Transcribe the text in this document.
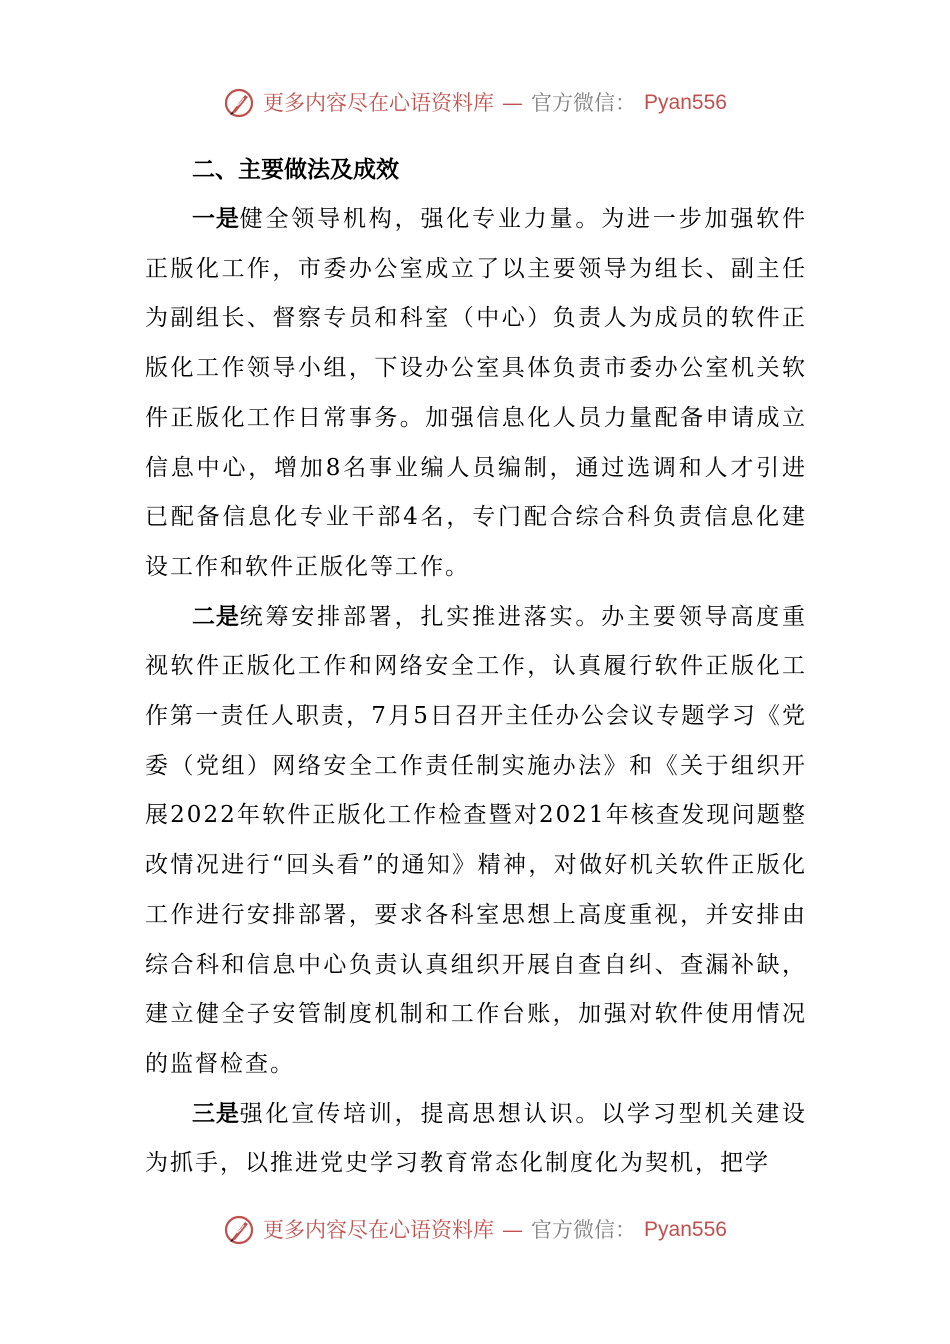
更多内容尽在心语资料库 — 官方微信： Pyan556
二、主要做法及成效

一是健全领导机构，强化专业力量。为进一步加强软件正版化工作，市委办公室成立了以主要领导为组长、副主任为副组长、督察专员和科室（中心）负责人为成员的软件正版化工作领导小组，下设办公室具体负责市委办公室机关软件正版化工作日常事务。加强信息化人员力量配备申请成立信息中心，增加8名事业编人员编制，通过选调和人才引进已配备信息化专业干部4名，专门配合综合科负责信息化建设工作和软件正版化等工作。

二是统筹安排部署，扎实推进落实。办主要领导高度重视软件正版化工作和网络安全工作，认真履行软件正版化工作第一责任人职责，7月5日召开主任办公会议专题学习《党委（党组）网络安全工作责任制实施办法》和《关于组织开展2022年软件正版化工作检查暨对2021年核查发现问题整改情况进行“回头看”的通知》精神，对做好机关软件正版化工作进行安排部署，要求各科室思想上高度重视，并安排由综合科和信息中心负责认真组织开展自查自纠、查漏补缺，建立健全子安管制度机制和工作台账，加强对软件使用情况的监督检查。

三是强化宣传培训，提高思想认识。以学习型机关建设为抓手，以推进党史学习教育常态化制度化为契机，把学

更多内容尽在心语资料库 — 官方微信： Pyan556
